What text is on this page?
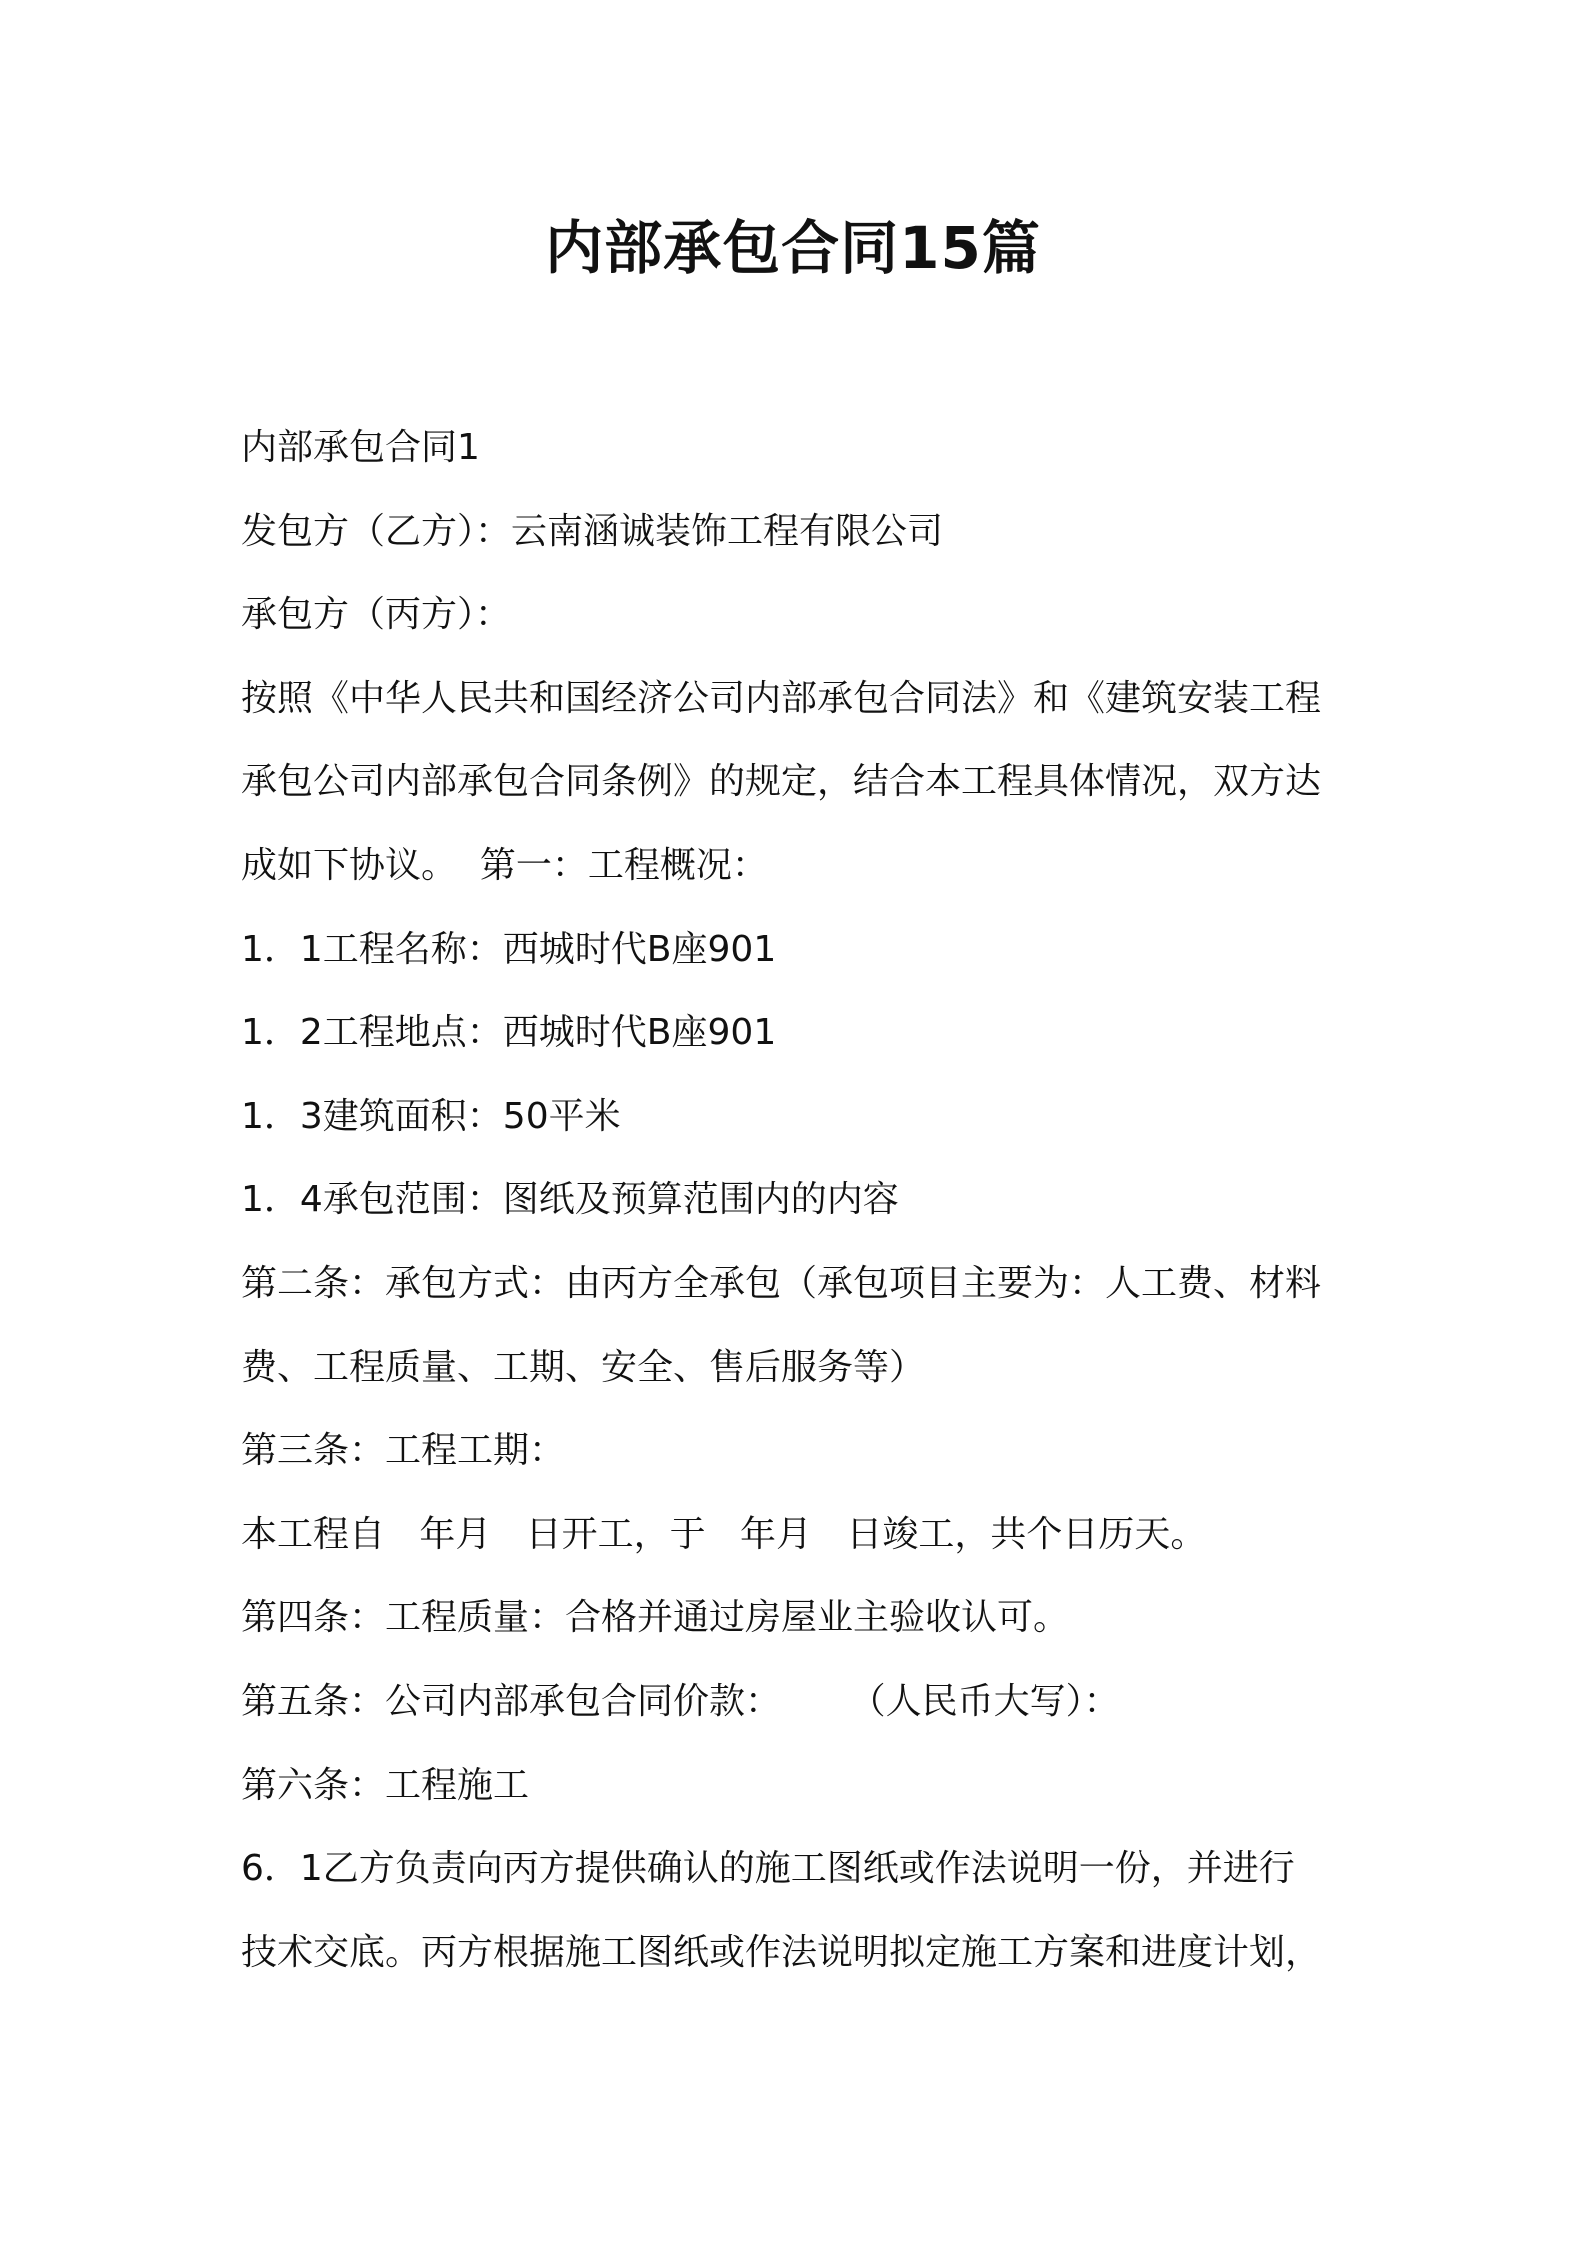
内部承包合同15篇
内部承包合同1
发包方（乙方）：云南涵诚装饰工程有限公司
承包方（丙方）：
按照《中华人民共和国经济公司内部承包合同法》和《建筑安装工程
承包公司内部承包合同条例》的规定，结合本工程具体情况，双方达
成如下协议。  第一：工程概况：
1．1工程名称：西城时代B座901
1．2工程地点：西城时代B座901
1．3建筑面积：50平米
1．4承包范围：图纸及预算范围内的内容
第二条：承包方式：由丙方全承包（承包项目主要为：人工费、材料
费、工程质量、工期、安全、售后服务等）
第三条：工程工期：
本工程自   年月   日开工，于   年月   日竣工，共个日历天。
第四条：工程质量：合格并通过房屋业主验收认可。
第五条：公司内部承包合同价款：      （人民币大写）：
第六条：工程施工
6．1乙方负责向丙方提供确认的施工图纸或作法说明一份，并进行
技术交底。丙方根据施工图纸或作法说明拟定施工方案和进度计划，
